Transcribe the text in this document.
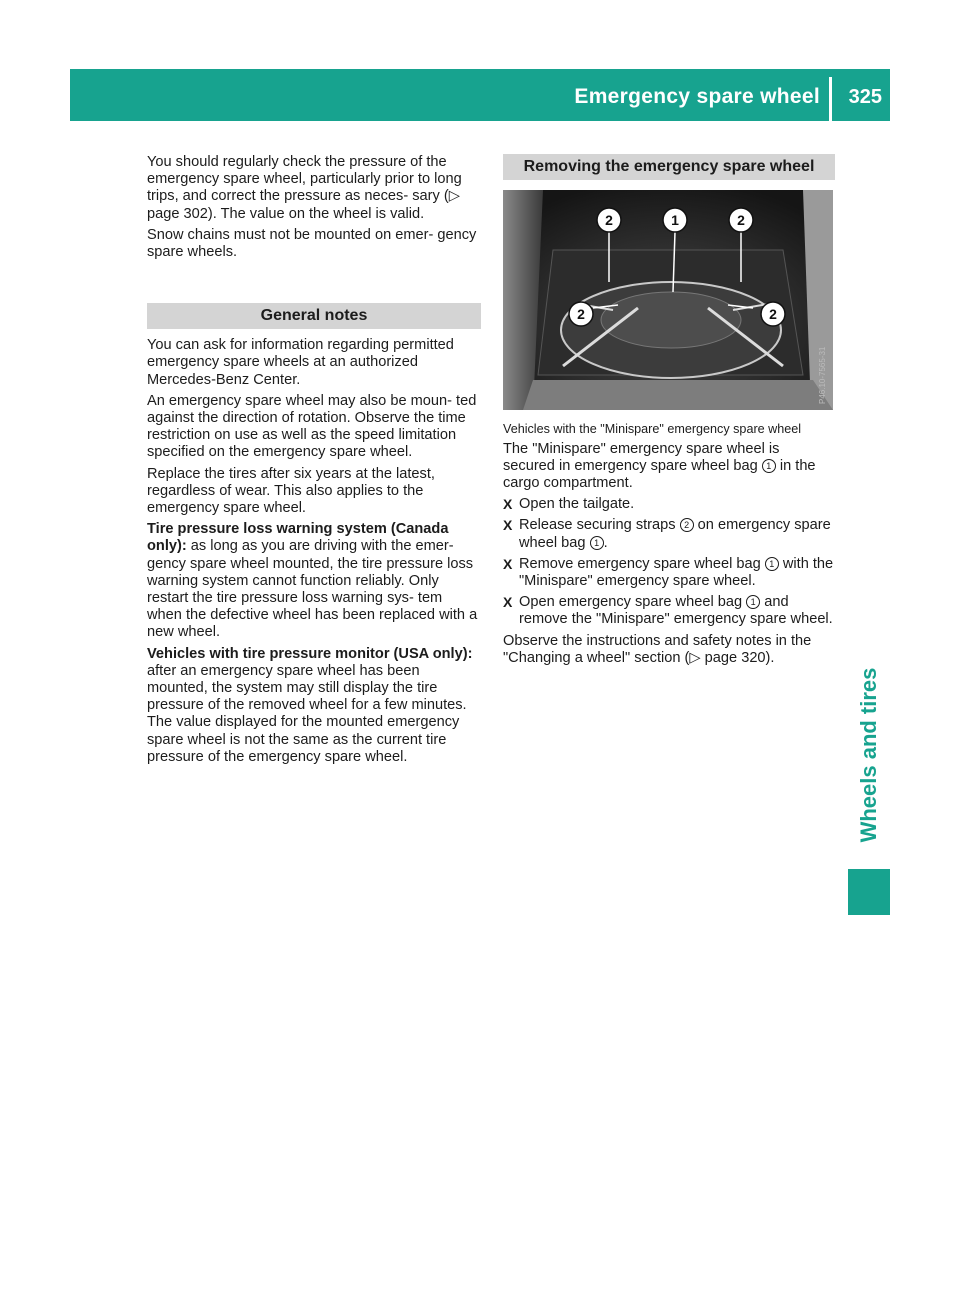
Emergency spare wheel 325
Wheels and tires

You should regularly check the pressure of the emergency spare wheel, particularly prior to long trips, and correct the pressure as neces- sary (▷ page 302). The value on the wheel is valid.

Snow chains must not be mounted on emer- gency spare wheels.

General notes

You can ask for information regarding permitted emergency spare wheels at an authorized Mercedes-Benz Center.

An emergency spare wheel may also be moun- ted against the direction of rotation. Observe the time restriction on use as well as the speed limitation specified on the emergency spare wheel.

Replace the tires after six years at the latest, regardless of wear. This also applies to the emergency spare wheel.

Tire pressure loss warning system (Canada only): as long as you are driving with the emer- gency spare wheel mounted, the tire pressure loss warning system cannot function reliably. Only restart the tire pressure loss warning sys- tem when the defective wheel has been replaced with a new wheel.

Vehicles with tire pressure monitor (USA only): after an emergency spare wheel has been mounted, the system may still display the tire pressure of the removed wheel for a few minutes. The value displayed for the mounted emergency spare wheel is not the same as the current tire pressure of the emergency spare wheel.

Removing the emergency spare wheel
2	1	2
2	2
P46.10-7565-31

Vehicles with the "Minispare" emergency spare wheel

The "Minispare" emergency spare wheel is secured in emergency spare wheel bag 1 in the cargo compartment.

X Open the tailgate.

X Release securing straps 2 on emergency spare wheel bag 1 .

X Remove emergency spare wheel bag 1 with the "Minispare" emergency spare wheel.

X Open emergency spare wheel bag 1 and remove the "Minispare" emergency spare wheel.

Observe the instructions and safety notes in the "Changing a wheel" section (▷ page 320).
